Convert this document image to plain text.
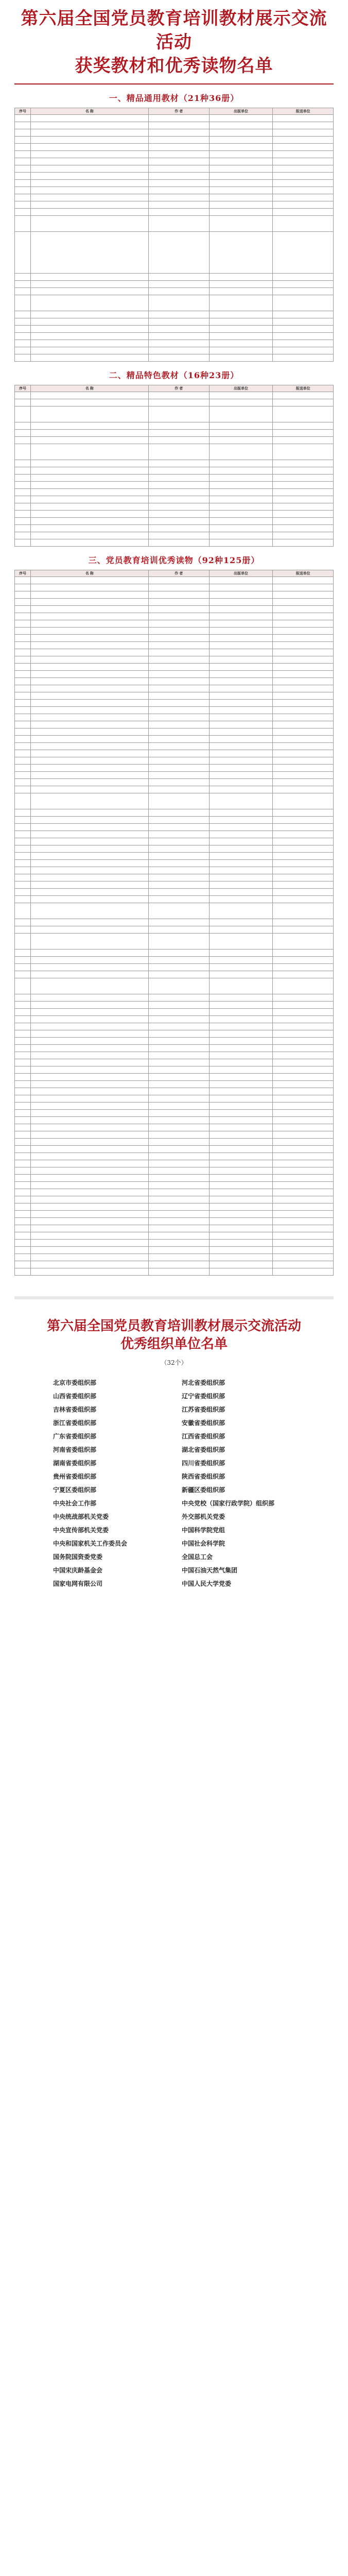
第六届全国党员教育培训教材展示交流活动
获奖教材和优秀读物名单
一、精品通用教材（21种36册）
序号	名 称	作 者	出版单位	报送单位

二、精品特色教材（16种23册）
序号	名 称	作 者	出版单位	报送单位

三、党员教育培训优秀读物（92种125册）
序号	名 称	作 者	出版单位	报送单位

第六届全国党员教育培训教材展示交流活动
优秀组织单位名单
（32个）
北京市委组织部	河北省委组织部
山西省委组织部	辽宁省委组织部
吉林省委组织部	江苏省委组织部
浙江省委组织部	安徽省委组织部
广东省委组织部	江西省委组织部
河南省委组织部	湖北省委组织部
湖南省委组织部	四川省委组织部
贵州省委组织部	陕西省委组织部
宁夏区委组织部	新疆区委组织部
中央社会工作部	中央党校（国家行政学院）组织部
中央统战部机关党委	外交部机关党委
中央宣传部机关党委	中国科学院党组
中央和国家机关工作委员会	中国社会科学院
国务院国资委党委	全国总工会
中国宋庆龄基金会	中国石油天然气集团
国家电网有限公司	中国人民大学党委
